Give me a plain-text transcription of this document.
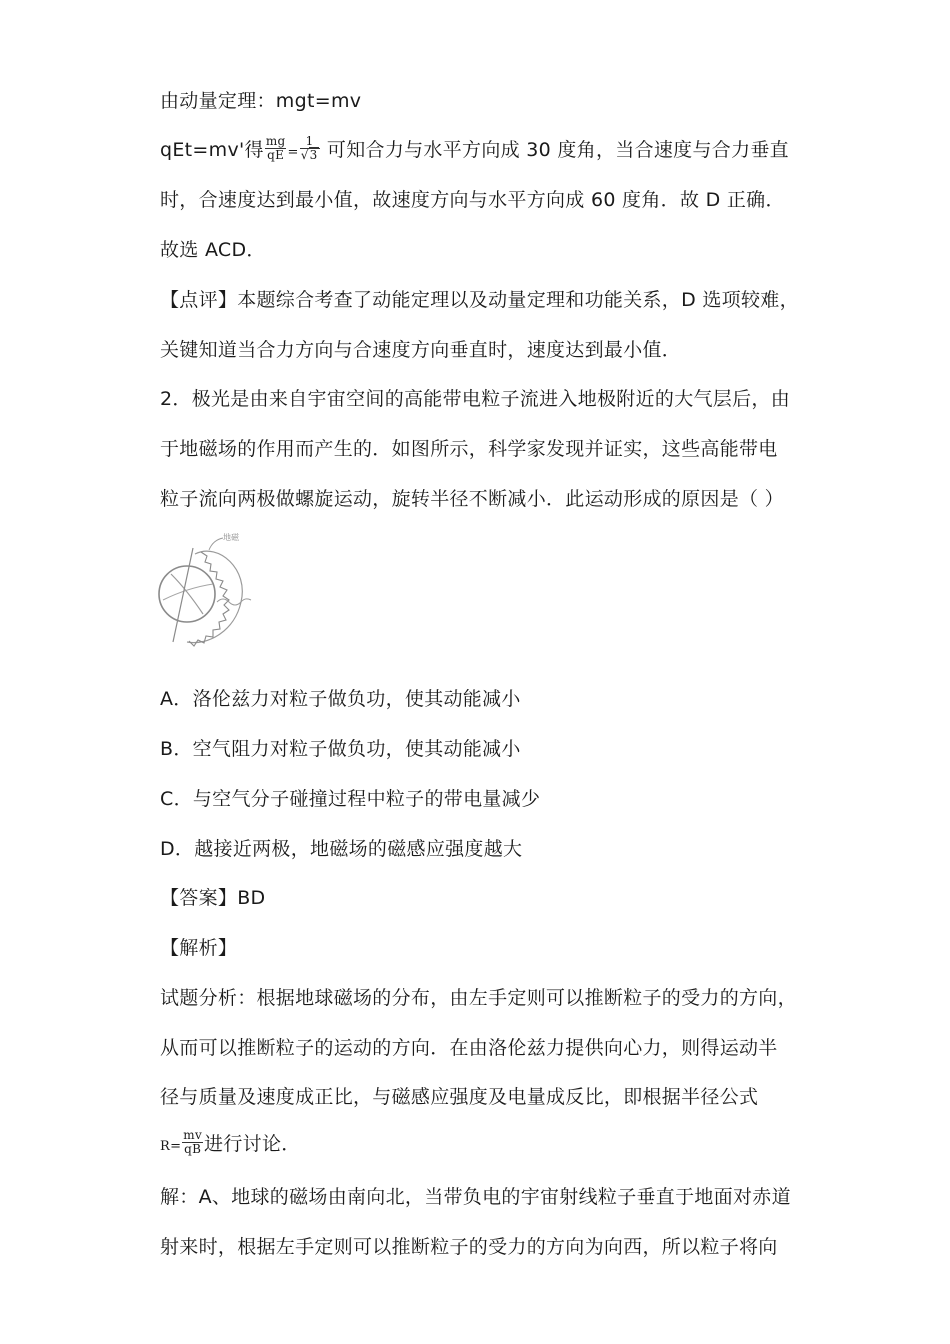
由动量定理：mgt=mv
qEt=mv'得 $\frac{mg}{qE} = \frac{1}{√3}$ 可知合力与水平方向成 30 度角，当合速度与合力垂直
时，合速度达到最小值，故速度方向与水平方向成 60 度角．故 D 正确．
故选 ACD．
【点评】本题综合考查了动能定理以及动量定理和功能关系，D 选项较难，
关键知道当合力方向与合速度方向垂直时，速度达到最小值．
2．极光是由来自宇宙空间的高能带电粒子流进入地极附近的大气层后，由
于地磁场的作用而产生的．如图所示，科学家发现并证实，这些高能带电
粒子流向两极做螺旋运动，旋转半径不断减小．此运动形成的原因是（ ）
地磁
A．洛伦兹力对粒子做负功，使其动能减小
B．空气阻力对粒子做负功，使其动能减小
C．与空气分子碰撞过程中粒子的带电量减少
D．越接近两极，地磁场的磁感应强度越大
【答案】BD
【解析】
试题分析：根据地球磁场的分布，由左手定则可以推断粒子的受力的方向，
从而可以推断粒子的运动的方向．在由洛伦兹力提供向心力，则得运动半
径与质量及速度成正比，与磁感应强度及电量成反比，即根据半径公式
$R= \frac{mv}{qB}$ 进行讨论．
解：A、地球的磁场由南向北，当带负电的宇宙射线粒子垂直于地面对赤道
射来时，根据左手定则可以推断粒子的受力的方向为向西，所以粒子将向
